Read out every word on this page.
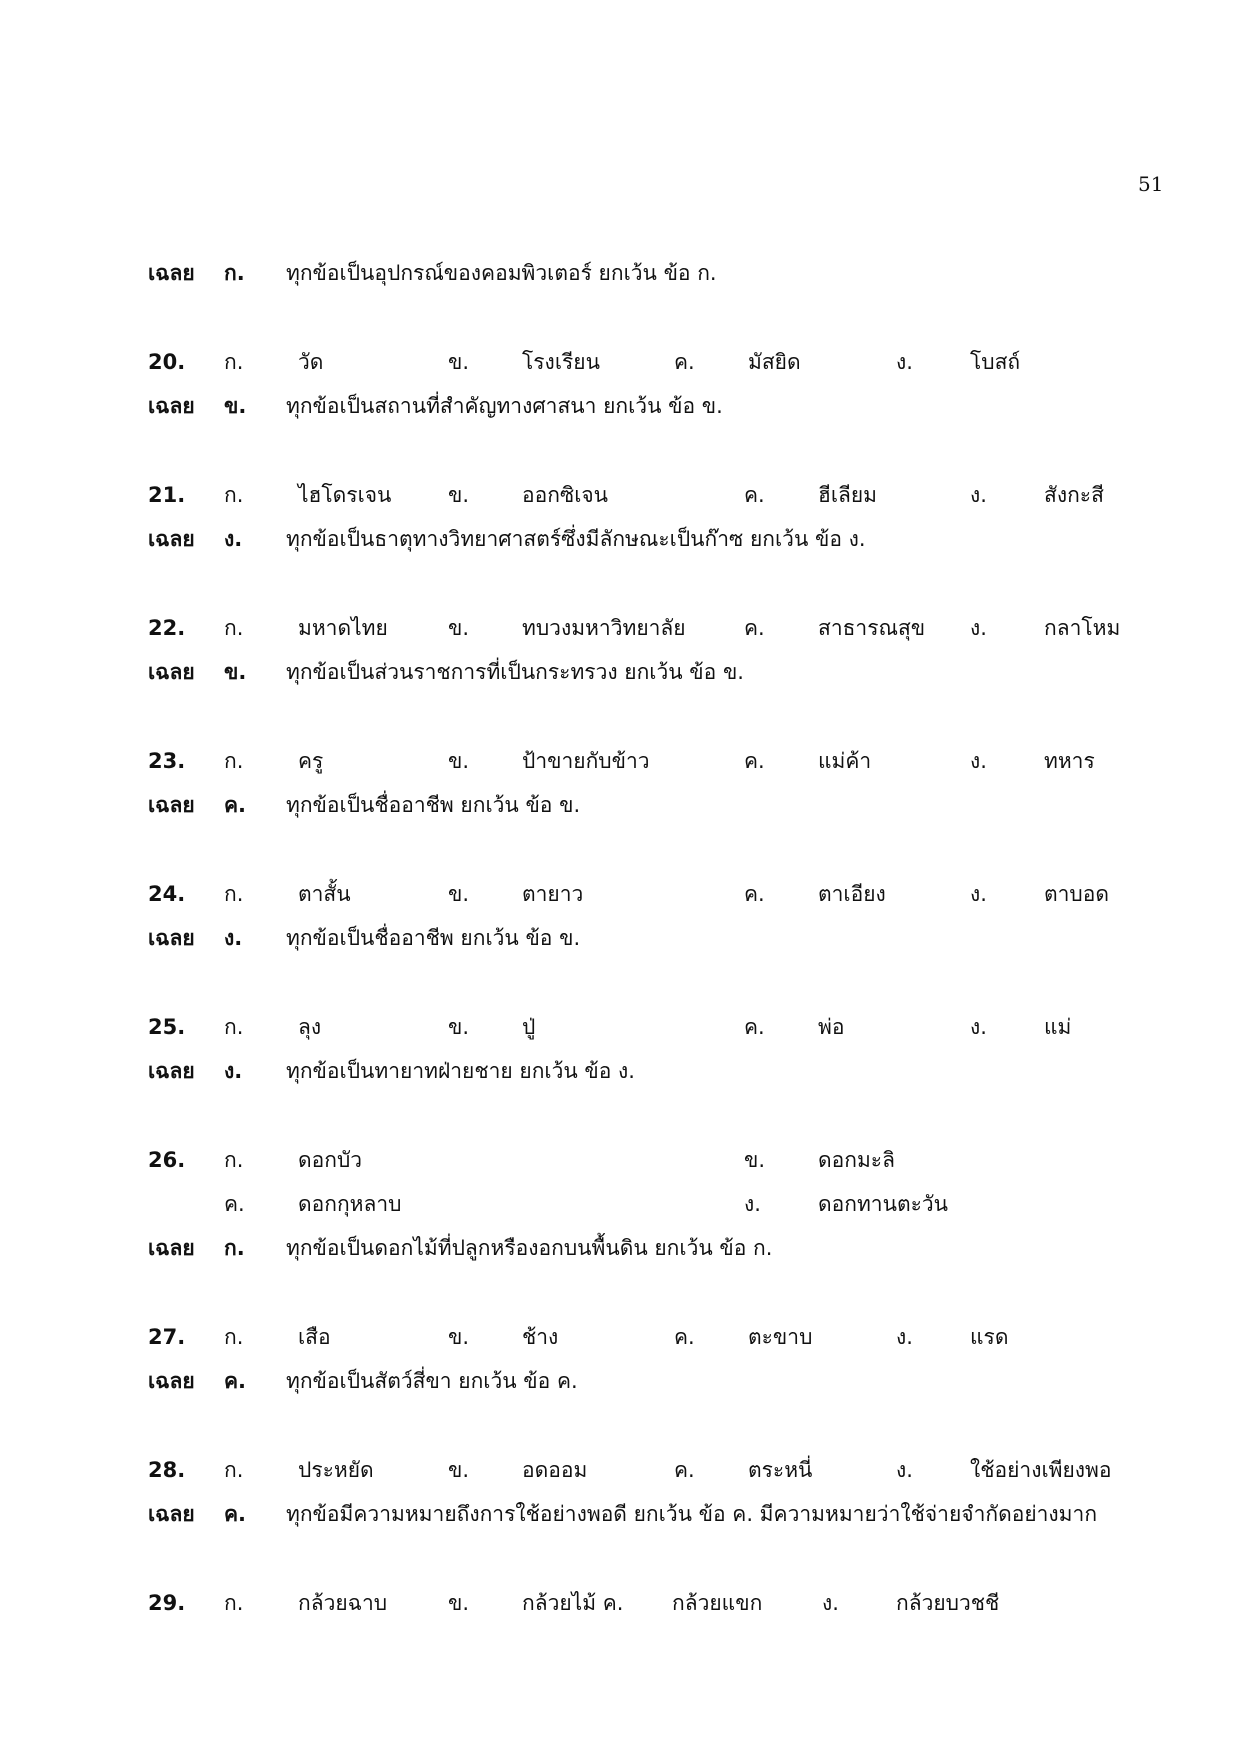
51
เฉลย ก. ทุกข้อเป็นอุปกรณ์ของคอมพิวเตอร์ ยกเว้น ข้อ ก.
20. ก.	วัด	ข.	โรงเรียน	ค.	มัสยิด	ง.	โบสถ์
เฉลย ข. ทุกข้อเป็นสถานที่สำคัญทางศาสนา ยกเว้น ข้อ ข.
21. ก.	ไฮโดรเจน	ข.	ออกซิเจน	ค.	ฮีเลียม	ง.	สังกะสี
เฉลย ง. ทุกข้อเป็นธาตุทางวิทยาศาสตร์ซึ่งมีลักษณะเป็นก๊าซ ยกเว้น ข้อ ง.
22. ก.	มหาดไทย	ข.	ทบวงมหาวิทยาลัย	ค.	สาธารณสุข ง.	กลาโหม
เฉลย ข. ทุกข้อเป็นส่วนราชการที่เป็นกระทรวง ยกเว้น ข้อ ข.
23. ก.	ครู	ข.	ป้าขายกับข้าว	ค.	แม่ค้า	ง.	ทหาร
เฉลย ค. ทุกข้อเป็นชื่ออาชีพ ยกเว้น ข้อ ข.
24. ก.	ตาสั้น	ข.	ตายาว	ค.	ตาเอียง	ง.	ตาบอด
เฉลย ง. ทุกข้อเป็นชื่ออาชีพ ยกเว้น ข้อ ข.
25. ก.	ลุง	ข.	ปู่	ค.	พ่อ	ง.	แม่
เฉลย ง. ทุกข้อเป็นทายาทฝ่ายชาย ยกเว้น ข้อ ง.
26. ก.	ดอกบัว	ข.	ดอกมะลิ
ค.	ดอกกุหลาบ	ง.	ดอกทานตะวัน
เฉลย ก. ทุกข้อเป็นดอกไม้ที่ปลูกหรืองอกบนพื้นดิน ยกเว้น ข้อ ก.
27. ก.	เสือ	ข.	ช้าง	ค.	ตะขาบ	ง.	แรด
เฉลย ค. ทุกข้อเป็นสัตว์สี่ขา ยกเว้น ข้อ ค.
28. ก.	ประหยัด	ข.	อดออม	ค.	ตระหนี่	ง.	ใช้อย่างเพียงพอ
เฉลย ค. ทุกข้อมีความหมายถึงการใช้อย่างพอดี ยกเว้น ข้อ ค. มีความหมายว่าใช้จ่ายจำกัดอย่างมาก
29. ก.	กล้วยฉาบ	ข.	กล้วยไม้ ค. กล้วยแขก	ง.	กล้วยบวชชี
